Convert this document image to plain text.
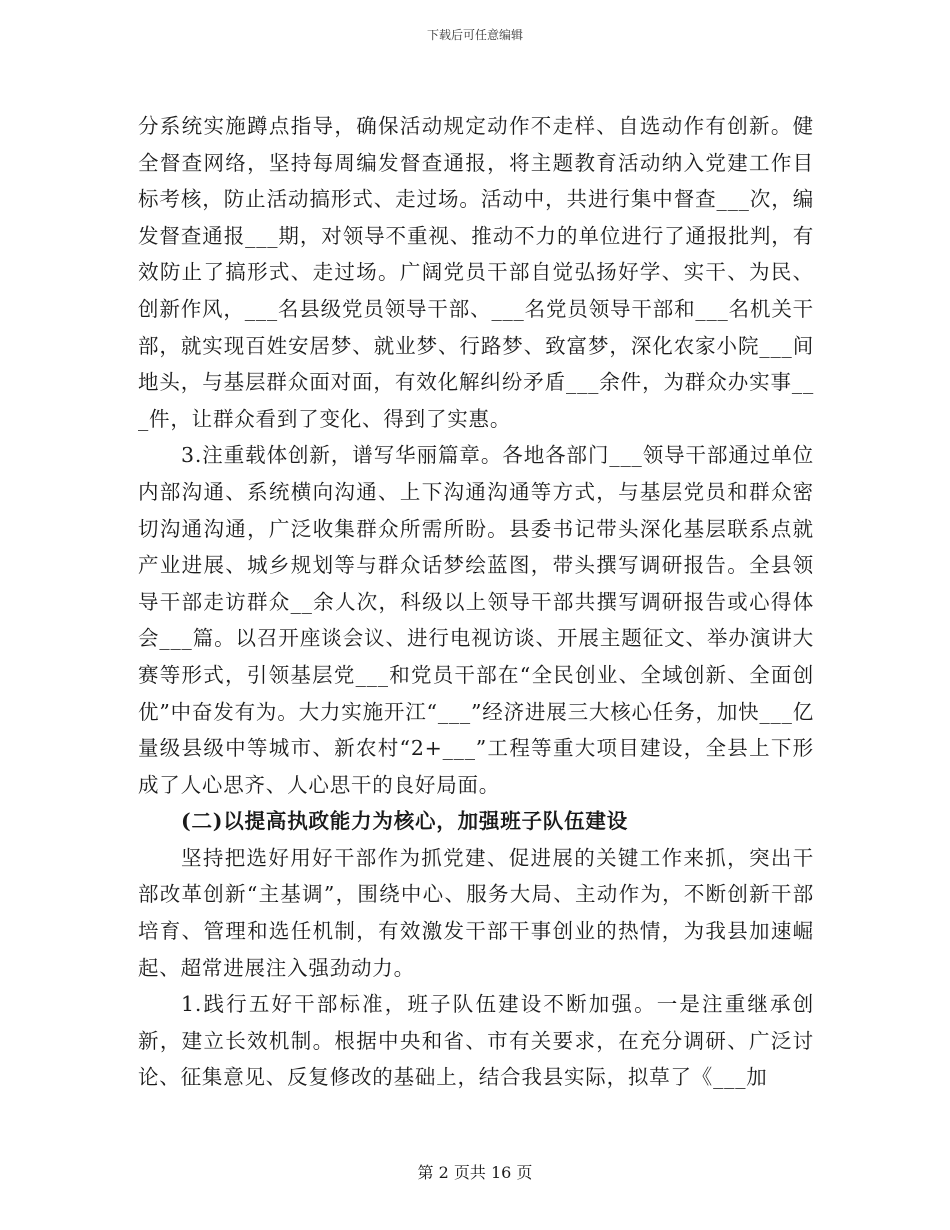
下载后可任意编辑

分系统实施蹲点指导，确保活动规定动作不走样、自选动作有创新。健全督查网络，坚持每周编发督查通报，将主题教育活动纳入党建工作目标考核，防止活动搞形式、走过场。活动中，共进行集中督查___次，编发督查通报___期，对领导不重视、推动不力的单位进行了通报批判，有效防止了搞形式、走过场。广阔党员干部自觉弘扬好学、实干、为民、创新作风，___名县级党员领导干部、___名党员领导干部和___名机关干部，就实现百姓安居梦、就业梦、行路梦、致富梦，深化农家小院___间地头，与基层群众面对面，有效化解纠纷矛盾___余件，为群众办实事___件，让群众看到了变化、得到了实惠。

3.注重载体创新，谱写华丽篇章。各地各部门___领导干部通过单位内部沟通、系统横向沟通、上下沟通沟通等方式，与基层党员和群众密切沟通沟通，广泛收集群众所需所盼。县委书记带头深化基层联系点就产业进展、城乡规划等与群众话梦绘蓝图，带头撰写调研报告。全县领导干部走访群众__余人次，科级以上领导干部共撰写调研报告或心得体会___篇。以召开座谈会议、进行电视访谈、开展主题征文、举办演讲大赛等形式，引领基层党___和党员干部在“全民创业、全域创新、全面创优”中奋发有为。大力实施开江“___”经济进展三大核心任务，加快___亿量级县级中等城市、新农村“2+___”工程等重大项目建设，全县上下形成了人心思齐、人心思干的良好局面。

(二)以提高执政能力为核心，加强班子队伍建设

坚持把选好用好干部作为抓党建、促进展的关键工作来抓，突出干部改革创新“主基调”，围绕中心、服务大局、主动作为，不断创新干部培育、管理和选任机制，有效激发干部干事创业的热情，为我县加速崛起、超常进展注入强劲动力。

1.践行五好干部标准，班子队伍建设不断加强。一是注重继承创新，建立长效机制。根据中央和省、市有关要求，在充分调研、广泛讨论、征集意见、反复修改的基础上，结合我县实际，拟草了《___加

第 2 页共 16 页
